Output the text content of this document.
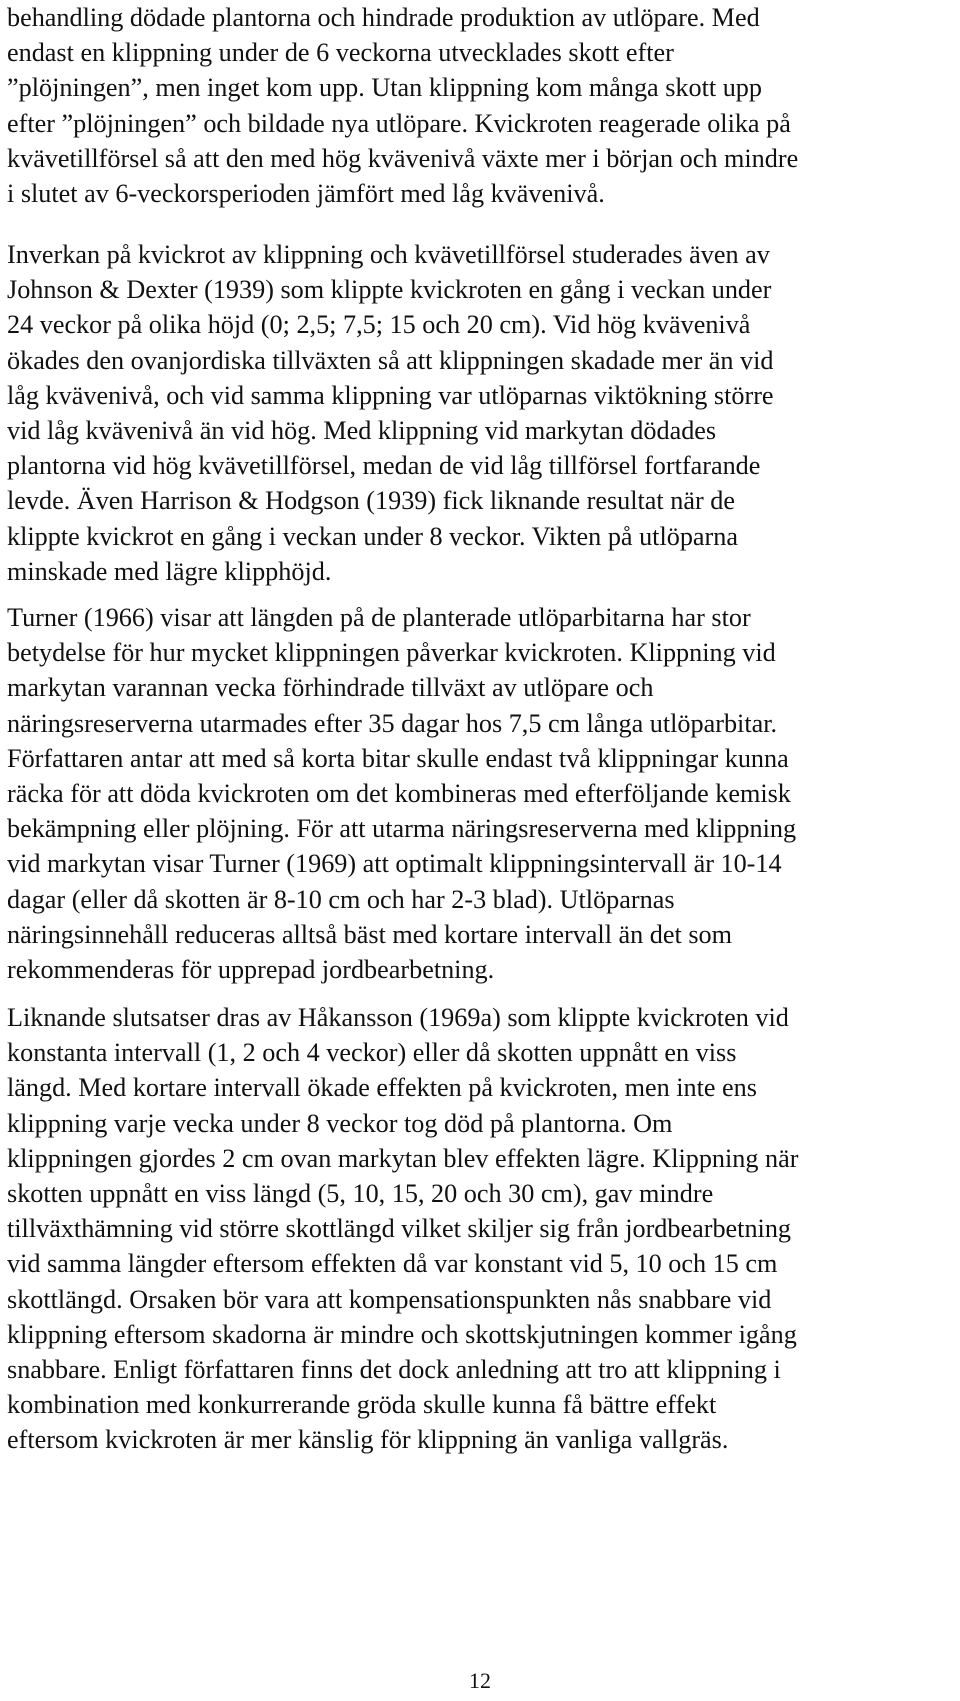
behandling dödade plantorna och hindrade produktion av utlöpare. Med
endast en klippning under de 6 veckorna utvecklades skott efter
”plöjningen”, men inget kom upp. Utan klippning kom många skott upp
efter ”plöjningen” och bildade nya utlöpare. Kvickroten reagerade olika på
kvävetillförsel så att den med hög kvävenivå växte mer i början och mindre
i slutet av 6-veckorsperioden jämfört med låg kvävenivå.
Inverkan på kvickrot av klippning och kvävetillförsel studerades även av
Johnson & Dexter (1939) som klippte kvickroten en gång i veckan under
24 veckor på olika höjd (0; 2,5; 7,5; 15 och 20 cm). Vid hög kvävenivå
ökades den ovanjordiska tillväxten så att klippningen skadade mer än vid
låg kvävenivå, och vid samma klippning var utlöparnas viktökning större
vid låg kvävenivå än vid hög. Med klippning vid markytan dödades
plantorna vid hög kvävetillförsel, medan de vid låg tillförsel fortfarande
levde. Även Harrison & Hodgson (1939) fick liknande resultat när de
klippte kvickrot en gång i veckan under 8 veckor. Vikten på utlöparna
minskade med lägre klipphöjd.
Turner (1966) visar att längden på de planterade utlöparbitarna har stor
betydelse för hur mycket klippningen påverkar kvickroten. Klippning vid
markytan varannan vecka förhindrade tillväxt av utlöpare och
näringsreserverna utarmades efter 35 dagar hos 7,5 cm långa utlöparbitar.
Författaren antar att med så korta bitar skulle endast två klippningar kunna
räcka för att döda kvickroten om det kombineras med efterföljande kemisk
bekämpning eller plöjning. För att utarma näringsreserverna med klippning
vid markytan visar Turner (1969) att optimalt klippningsintervall är 10-14
dagar (eller då skotten är 8-10 cm och har 2-3 blad). Utlöparnas
näringsinnehåll reduceras alltså bäst med kortare intervall än det som
rekommenderas för upprepad jordbearbetning.
Liknande slutsatser dras av Håkansson (1969a) som klippte kvickroten vid
konstanta intervall (1, 2 och 4 veckor) eller då skotten uppnått en viss
längd. Med kortare intervall ökade effekten på kvickroten, men inte ens
klippning varje vecka under 8 veckor tog död på plantorna. Om
klippningen gjordes 2 cm ovan markytan blev effekten lägre. Klippning när
skotten uppnått en viss längd (5, 10, 15, 20 och 30 cm), gav mindre
tillväxthämning vid större skottlängd vilket skiljer sig från jordbearbetning
vid samma längder eftersom effekten då var konstant vid 5, 10 och 15 cm
skottlängd. Orsaken bör vara att kompensationspunkten nås snabbare vid
klippning eftersom skadorna är mindre och skottskjutningen kommer igång
snabbare. Enligt författaren finns det dock anledning att tro att klippning i
kombination med konkurrerande gröda skulle kunna få bättre effekt
eftersom kvickroten är mer känslig för klippning än vanliga vallgräs.
12
